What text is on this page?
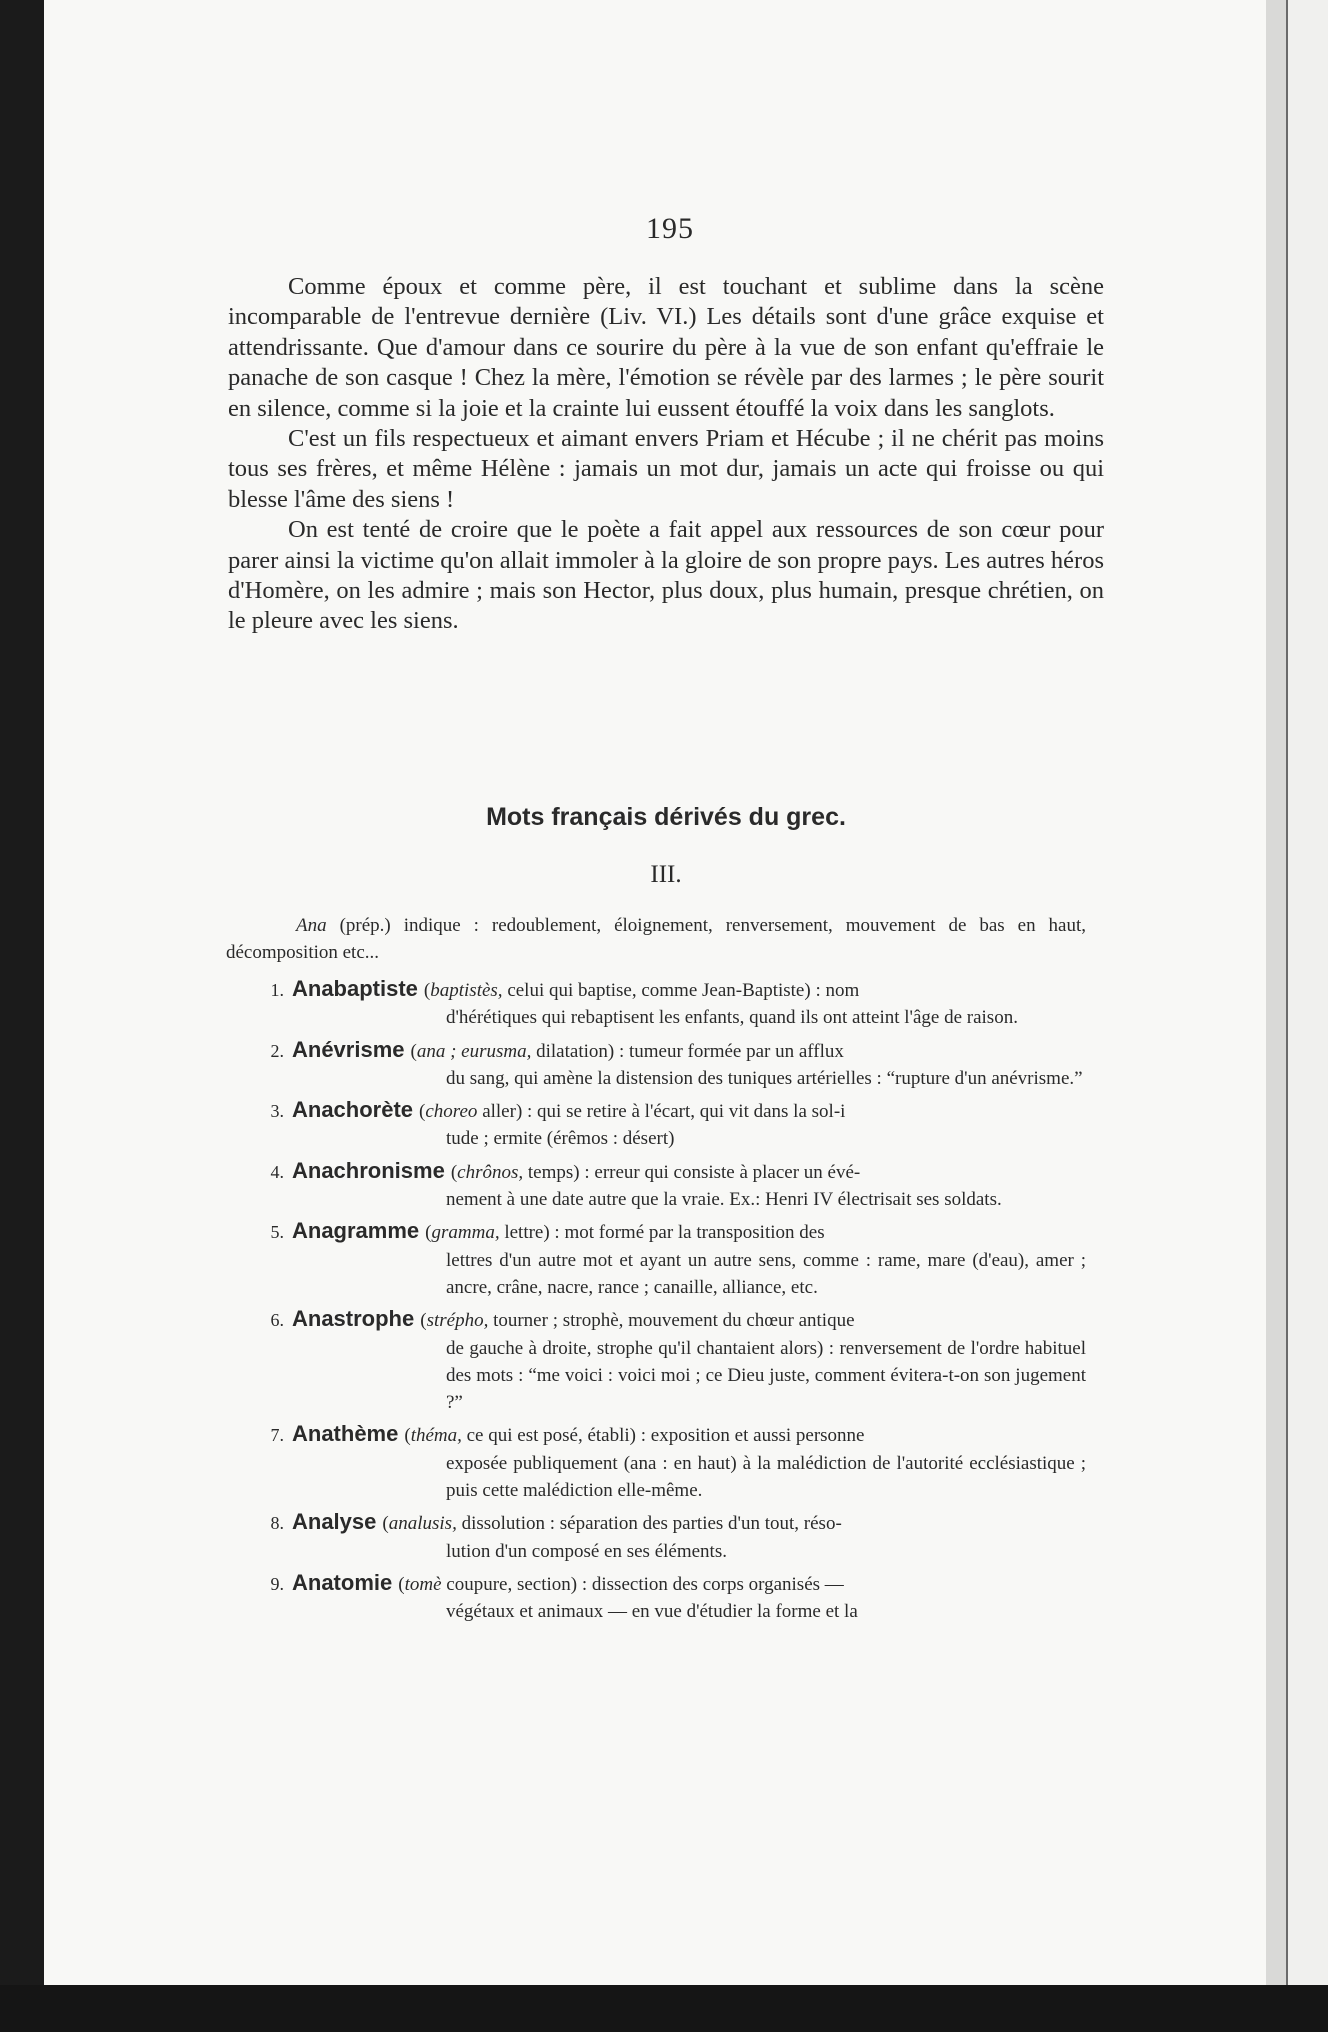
195

Comme époux et comme père, il est touchant et sublime dans la scène incomparable de l'entrevue dernière (Liv. VI.) Les détails sont d'une grâce exquise et attendrissante. Que d'amour dans ce sourire du père à la vue de son enfant qu'effraie le panache de son casque ! Chez la mère, l'émotion se révèle par des larmes ; le père sourit en silence, comme si la joie et la crainte lui eussent étouffé la voix dans les sanglots.

C'est un fils respectueux et aimant envers Priam et Hécube ; il ne chérit pas moins tous ses frères, et même Hélène : jamais un mot dur, jamais un acte qui froisse ou qui blesse l'âme des siens !

On est tenté de croire que le poète a fait appel aux ressources de son cœur pour parer ainsi la victime qu'on allait immoler à la gloire de son propre pays. Les autres héros d'Homère, on les admire ; mais son Hector, plus doux, plus humain, presque chrétien, on le pleure avec les siens.

Mots français dérivés du grec.
III.
Ana (prép.) indique : redoublement, éloignement, renversement, mouvement de bas en haut, décomposition etc...
1. Anabaptiste (baptistès, celui qui baptise, comme Jean-Baptiste) : nom
d'hérétiques qui rebaptisent les enfants, quand ils ont atteint l'âge de raison.
2. Anévrisme (ana ; eurusma, dilatation) : tumeur formée par un afflux
du sang, qui amène la distension des tuniques artérielles : “rupture d'un anévrisme.”
3. Anachorète (choreo aller) : qui se retire à l'écart, qui vit dans la sol-i
tude ; ermite (érêmos : désert)
4. Anachronisme (chrônos, temps) : erreur qui consiste à placer un évé-
nement à une date autre que la vraie. Ex.: Henri IV électrisait ses soldats.
5. Anagramme (gramma, lettre) : mot formé par la transposition des
lettres d'un autre mot et ayant un autre sens, comme : rame, mare (d'eau), amer ; ancre, crâne, nacre, rance ; canaille, alliance, etc.
6. Anastrophe (strépho, tourner ; strophè, mouvement du chœur antique
de gauche à droite, strophe qu'il chantaient alors) : renversement de l'ordre habituel des mots : “me voici : voici moi ; ce Dieu juste, comment évitera-t-on son jugement ?”
7. Anathème (théma, ce qui est posé, établi) : exposition et aussi personne
exposée publiquement (ana : en haut) à la malédiction de l'autorité ecclésiastique ; puis cette malédiction elle-même.
8. Analyse (analusis, dissolution : séparation des parties d'un tout, réso-
lution d'un composé en ses éléments.
9. Anatomie (tomè coupure, section) : dissection des corps organisés —
végétaux et animaux — en vue d'étudier la forme et la
